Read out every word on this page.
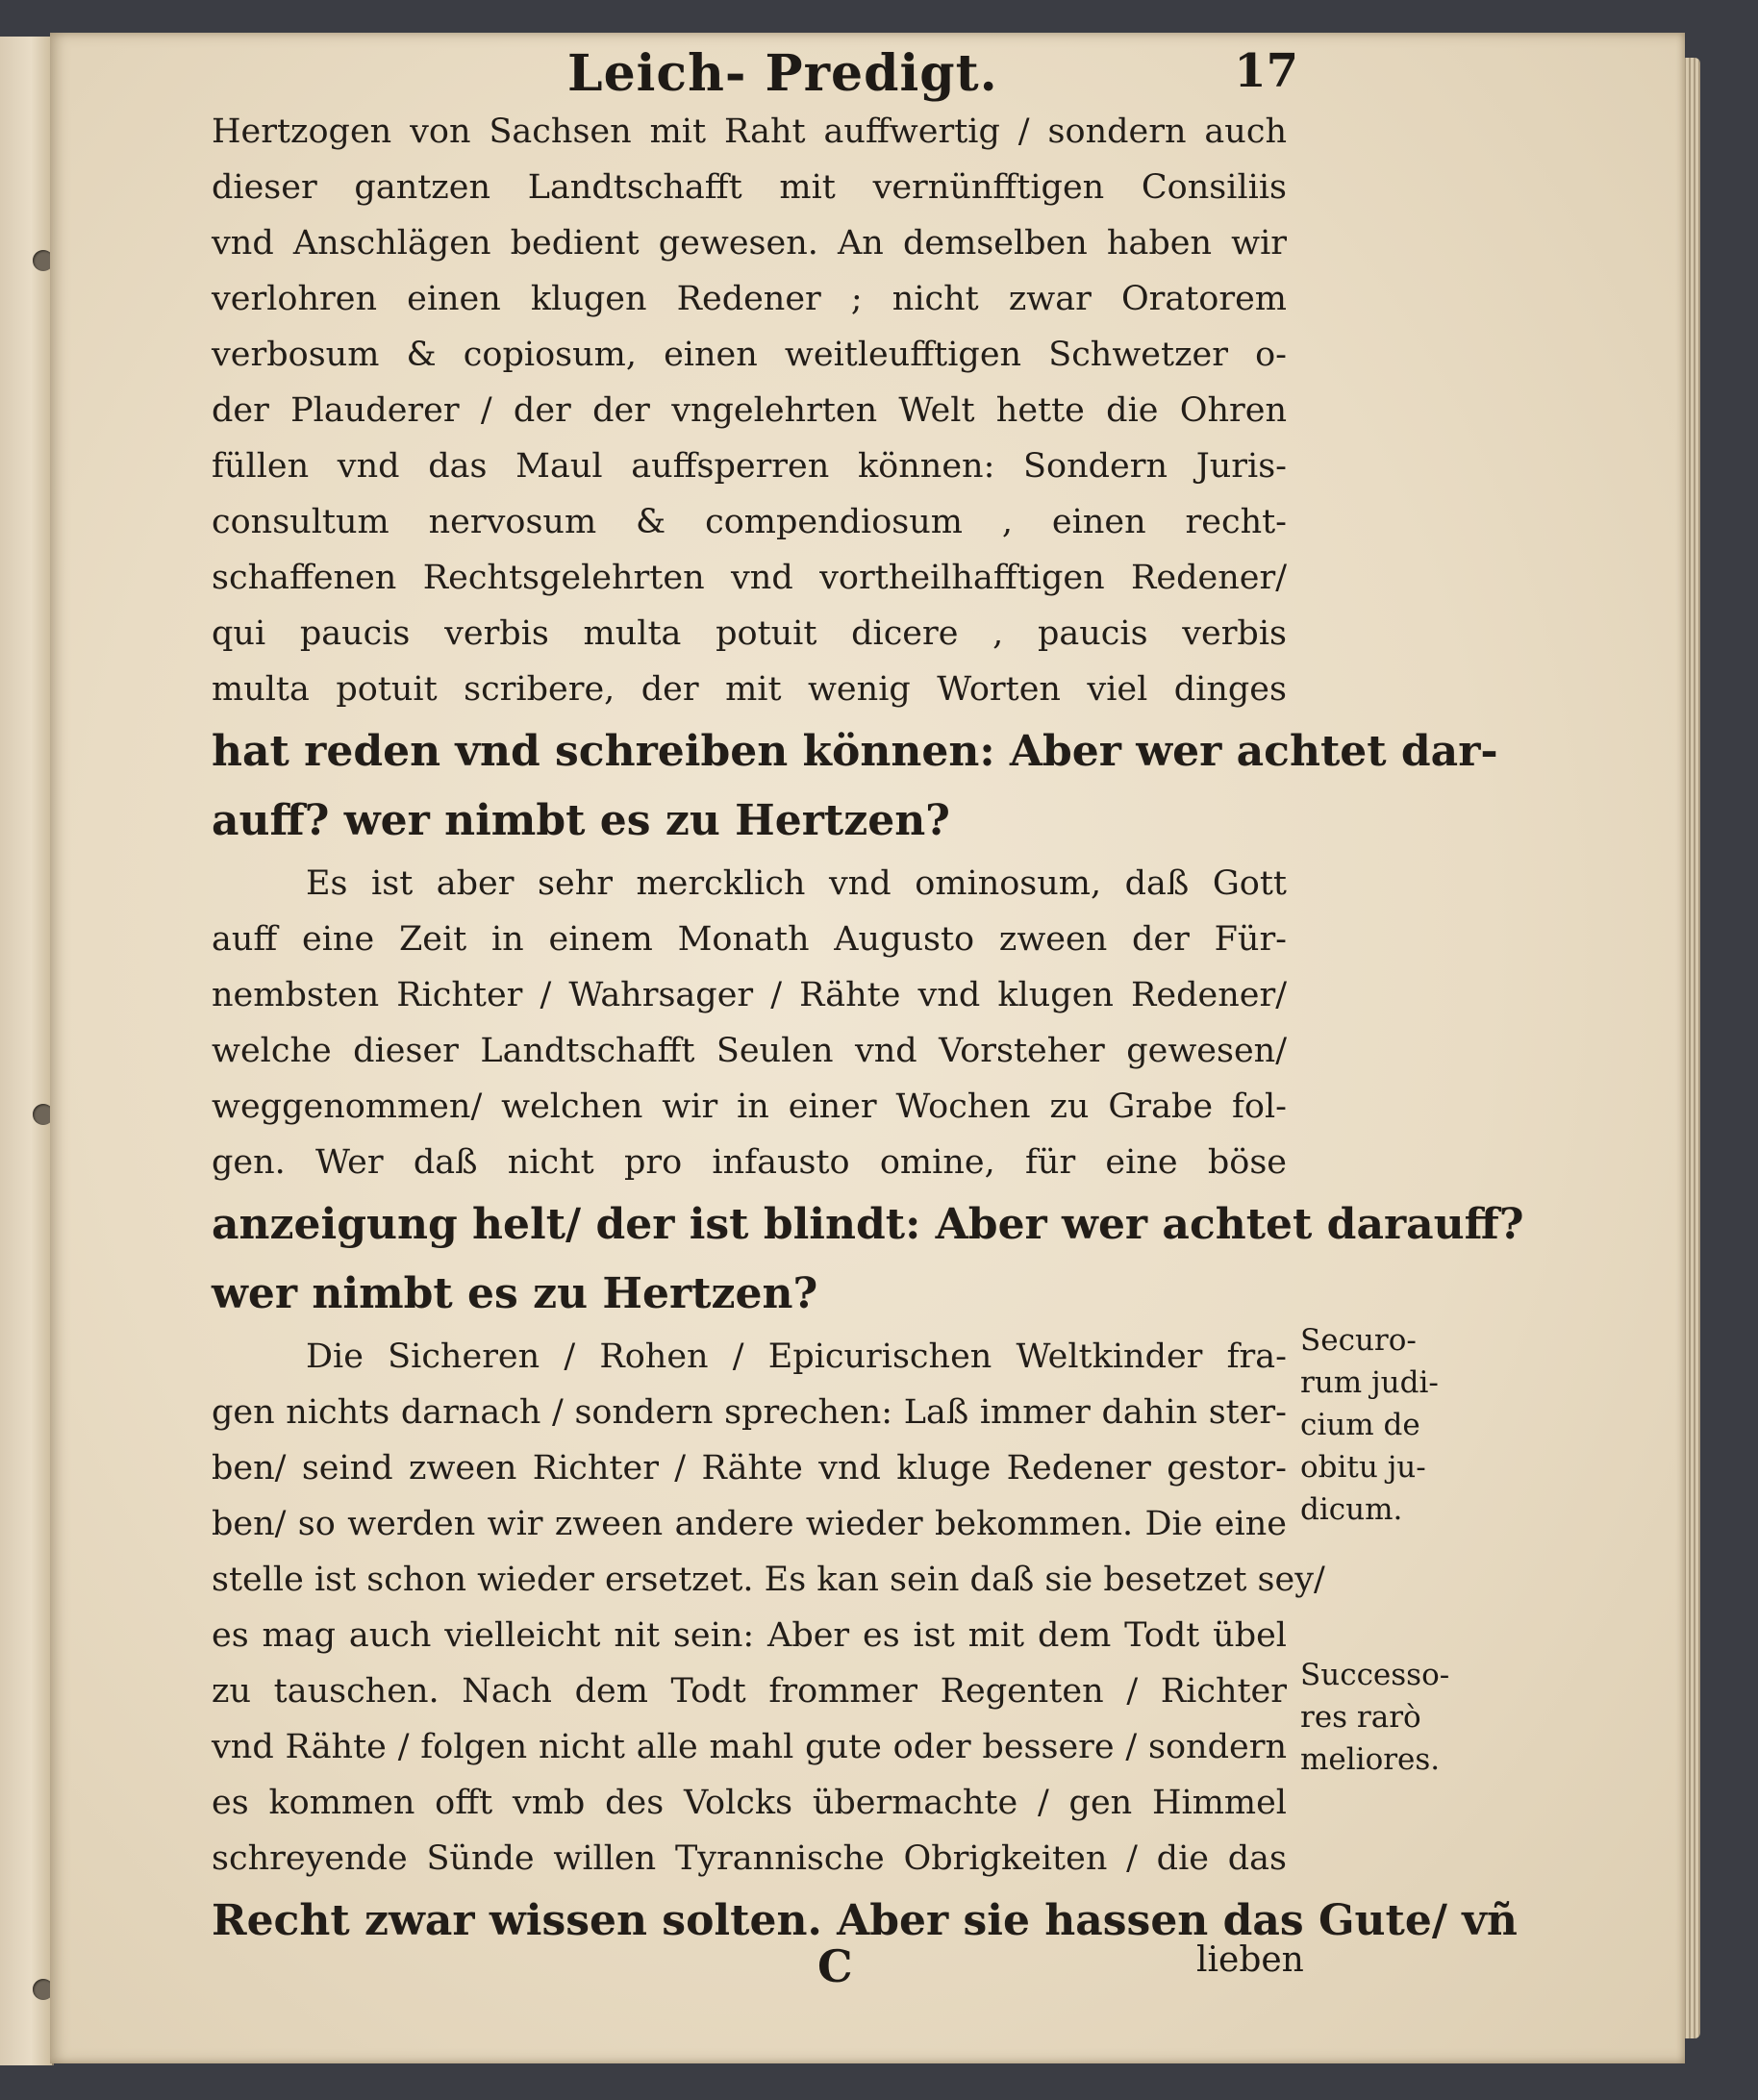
Leich- Predigt.	17
Hertzogen von Sachsen mit Raht auffwertig / sondern auch
dieser gantzen Landtschafft mit vernünfftigen Consiliis
vnd Anschlägen bedient gewesen. An demselben haben wir
verlohren einen klugen Redener ; nicht zwar Oratorem
verbosum & copiosum, einen weitleufftigen Schwetzer o-
der Plauderer / der der vngelehrten Welt hette die Ohren
füllen vnd das Maul auffsperren können: Sondern Juris-
consultum nervosum & compendiosum , einen recht-
schaffenen Rechtsgelehrten vnd vortheilhafftigen Redener/
qui paucis verbis multa potuit dicere , paucis verbis
multa potuit scribere, der mit wenig Worten viel dinges
hat reden vnd schreiben können: Aber wer achtet dar-
auff? wer nimbt es zu Hertzen?
Es ist aber sehr mercklich vnd ominosum, daß Gott
auff eine Zeit in einem Monath Augusto zween der Für-
nembsten Richter / Wahrsager / Rähte vnd klugen Redener/
welche dieser Landtschafft Seulen vnd Vorsteher gewesen/
weggenommen/ welchen wir in einer Wochen zu Grabe fol-
gen. Wer daß nicht pro infausto omine, für eine böse
anzeigung helt/ der ist blindt: Aber wer achtet darauff?
wer nimbt es zu Hertzen?
Die Sicheren / Rohen / Epicurischen Weltkinder fra-
gen nichts darnach / sondern sprechen: Laß immer dahin ster-
ben/ seind zween Richter / Rähte vnd kluge Redener gestor-
ben/ so werden wir zween andere wieder bekommen. Die eine
stelle ist schon wieder ersetzet. Es kan sein daß sie besetzet sey/
es mag auch vielleicht nit sein: Aber es ist mit dem Todt übel
zu tauschen. Nach dem Todt frommer Regenten / Richter
vnd Rähte / folgen nicht alle mahl gute oder bessere / sondern
es kommen offt vmb des Volcks übermachte / gen Himmel
schreyende Sünde willen Tyrannische Obrigkeiten / die das
Recht zwar wissen solten. Aber sie hassen das Gute/ vñ
Securo-
rum judi-
cium de
obitu ju-
dicum.
Successo-
res rarò
meliores.
C	lieben
